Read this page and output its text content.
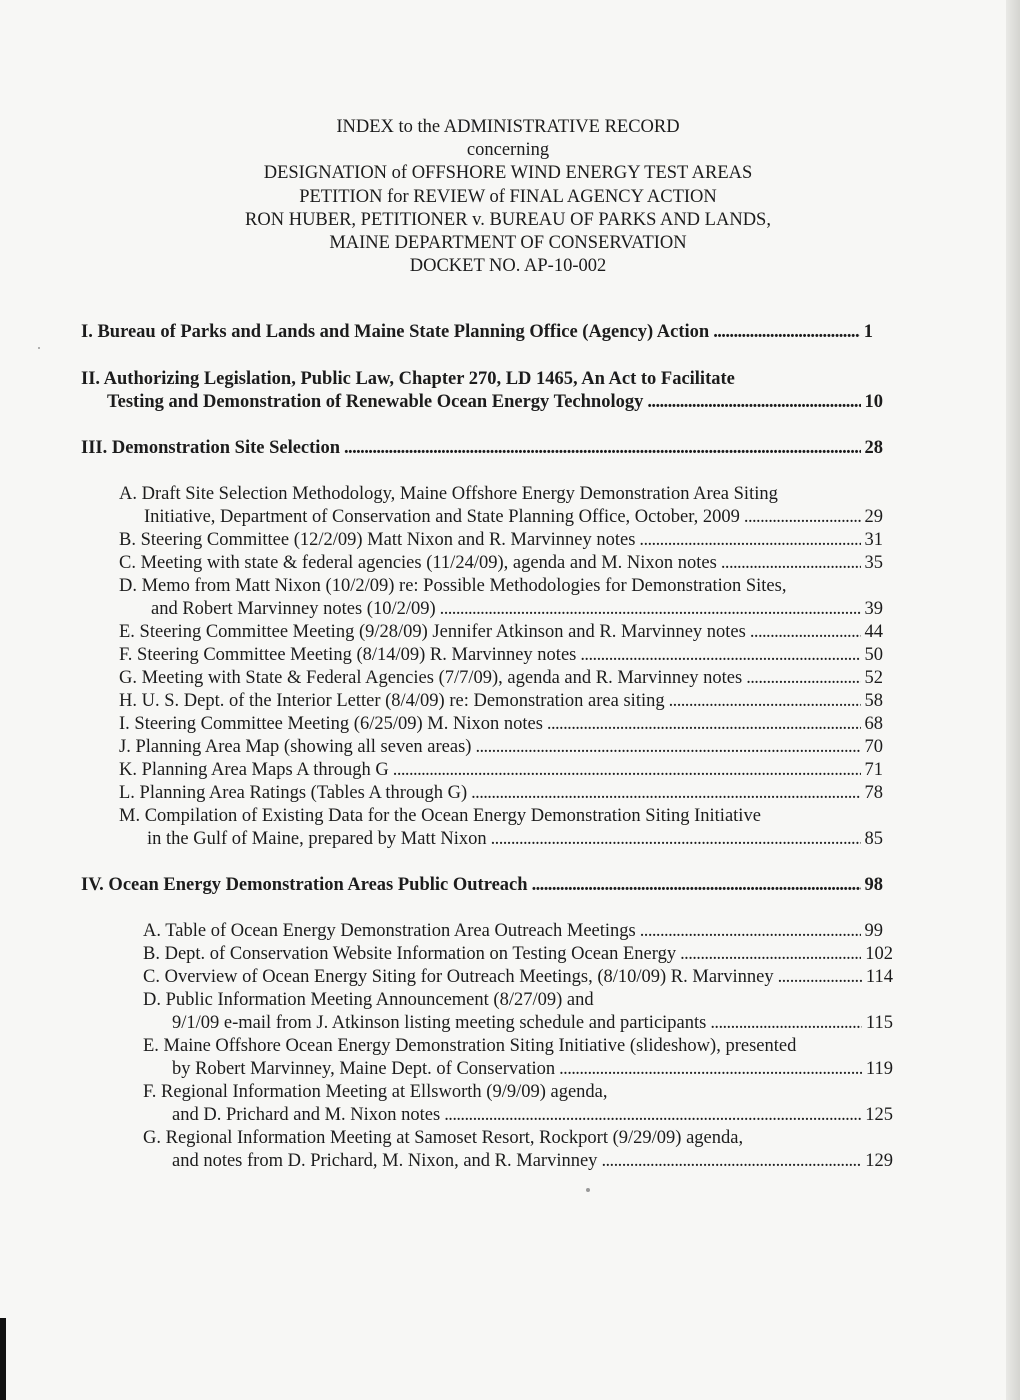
INDEX to the ADMINISTRATIVE RECORD
concerning
DESIGNATION of OFFSHORE WIND ENERGY TEST AREAS
PETITION for REVIEW of FINAL AGENCY ACTION
RON HUBER, PETITIONER v. BUREAU OF PARKS AND LANDS,
MAINE DEPARTMENT OF CONSERVATION
DOCKET NO. AP-10-002
I. Bureau of Parks and Lands and Maine State Planning Office (Agency) Action . . .	1
II. Authorizing Legislation, Public Law, Chapter 270, LD 1465, An Act to Facilitate
Testing and Demonstration of Renewable Ocean Energy Technology . . .	10
III. Demonstration Site Selection . . .	28
A. Draft Site Selection Methodology, Maine Offshore Energy Demonstration Area Siting
Initiative, Department of Conservation and State Planning Office, October, 2009 . . .	29
B. Steering Committee (12/2/09) Matt Nixon and R. Marvinney notes . . .	31
C. Meeting with state & federal agencies (11/24/09), agenda and M. Nixon notes . . .	35
D. Memo from Matt Nixon (10/2/09) re: Possible Methodologies for Demonstration Sites,
and Robert Marvinney notes (10/2/09) . . .	39
E. Steering Committee Meeting (9/28/09) Jennifer Atkinson and R. Marvinney notes . . .	44
F. Steering Committee Meeting (8/14/09) R. Marvinney notes . . .	50
G. Meeting with State & Federal Agencies (7/7/09), agenda and R. Marvinney notes . . .	52
H. U. S. Dept. of the Interior Letter (8/4/09) re: Demonstration area siting . . .	58
I. Steering Committee Meeting (6/25/09) M. Nixon notes . . .	68
J. Planning Area Map (showing all seven areas) . . .	70
K. Planning Area Maps A through G . . .	71
L. Planning Area Ratings (Tables A through G) . . .	78
M. Compilation of Existing Data for the Ocean Energy Demonstration Siting Initiative
in the Gulf of Maine, prepared by Matt Nixon . . .	85
IV. Ocean Energy Demonstration Areas Public Outreach . . .	98
A. Table of Ocean Energy Demonstration Area Outreach Meetings . . .	99
B. Dept. of Conservation Website Information on Testing Ocean Energy . . .	102
C. Overview of Ocean Energy Siting for Outreach Meetings, (8/10/09) R. Marvinney . . .	114
D. Public Information Meeting Announcement (8/27/09) and
9/1/09 e-mail from J. Atkinson listing meeting schedule and participants . . .	115
E. Maine Offshore Ocean Energy Demonstration Siting Initiative (slideshow), presented
by Robert Marvinney, Maine Dept. of Conservation . . .	119
F. Regional Information Meeting at Ellsworth (9/9/09) agenda,
and D. Prichard and M. Nixon notes . . .	125
G. Regional Information Meeting at Samoset Resort, Rockport (9/29/09) agenda,
and notes from D. Prichard, M. Nixon, and R. Marvinney . . .	129
